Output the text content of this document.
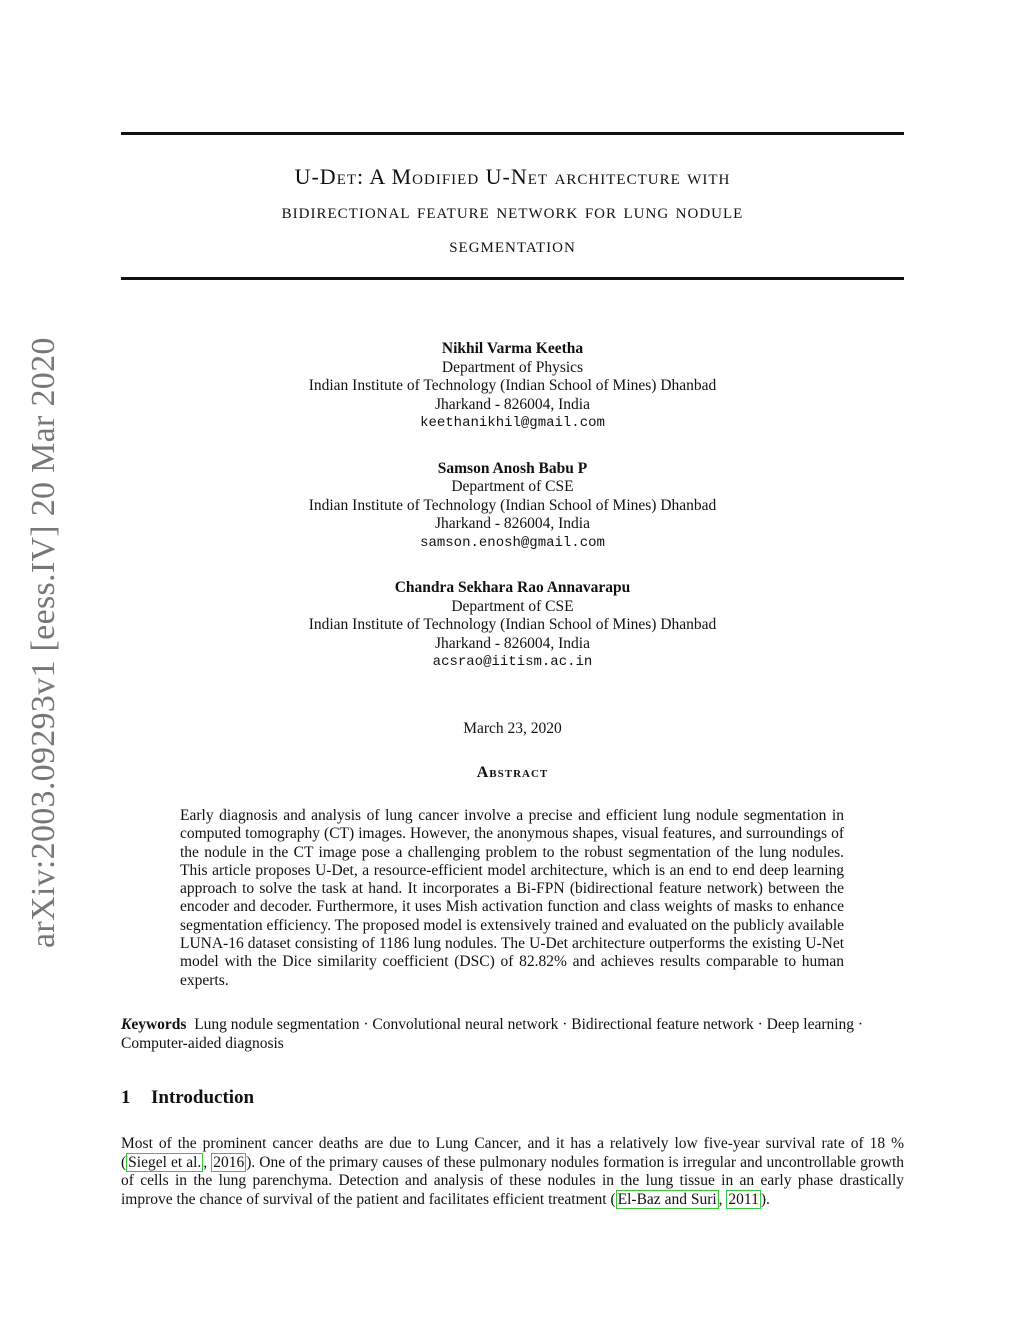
arXiv:2003.09293v1 [eess.IV] 20 Mar 2020
U-Det: A Modified U-Net architecture with
bidirectional feature network for lung nodule
segmentation
Nikhil Varma Keetha
Department of Physics
Indian Institute of Technology (Indian School of Mines) Dhanbad
Jharkand - 826004, India
keethanikhil@gmail.com
Samson Anosh Babu P
Department of CSE
Indian Institute of Technology (Indian School of Mines) Dhanbad
Jharkand - 826004, India
samson.enosh@gmail.com
Chandra Sekhara Rao Annavarapu
Department of CSE
Indian Institute of Technology (Indian School of Mines) Dhanbad
Jharkand - 826004, India
acsrao@iitism.ac.in
March 23, 2020
Abstract

Early diagnosis and analysis of lung cancer involve a precise and efficient lung nodule segmentation in computed tomography (CT) images. However, the anonymous shapes, visual features, and surroundings of the nodule in the CT image pose a challenging problem to the robust segmentation of the lung nodules. This article proposes U-Det, a resource-efficient model architecture, which is an end to end deep learning approach to solve the task at hand. It incorporates a Bi-FPN (bidirectional feature network) between the encoder and decoder. Furthermore, it uses Mish activation function and class weights of masks to enhance segmentation efficiency. The proposed model is extensively trained and evaluated on the publicly available LUNA-16 dataset consisting of 1186 lung nodules. The U-Det architecture outperforms the existing U-Net model with the Dice similarity coefficient (DSC) of 82.82% and achieves results comparable to human experts.

Keywords Lung nodule segmentation · Convolutional neural network · Bidirectional feature network · Deep learning · Computer-aided diagnosis

1 Introduction

Most of the prominent cancer deaths are due to Lung Cancer, and it has a relatively low five-year survival rate of 18 % ( Siegel et al. , 2016 ). One of the primary causes of these pulmonary nodules formation is irregular and uncontrollable growth of cells in the lung parenchyma. Detection and analysis of these nodules in the lung tissue in an early phase drastically improve the chance of survival of the patient and facilitates efficient treatment ( El-Baz and Suri , 2011 ).
